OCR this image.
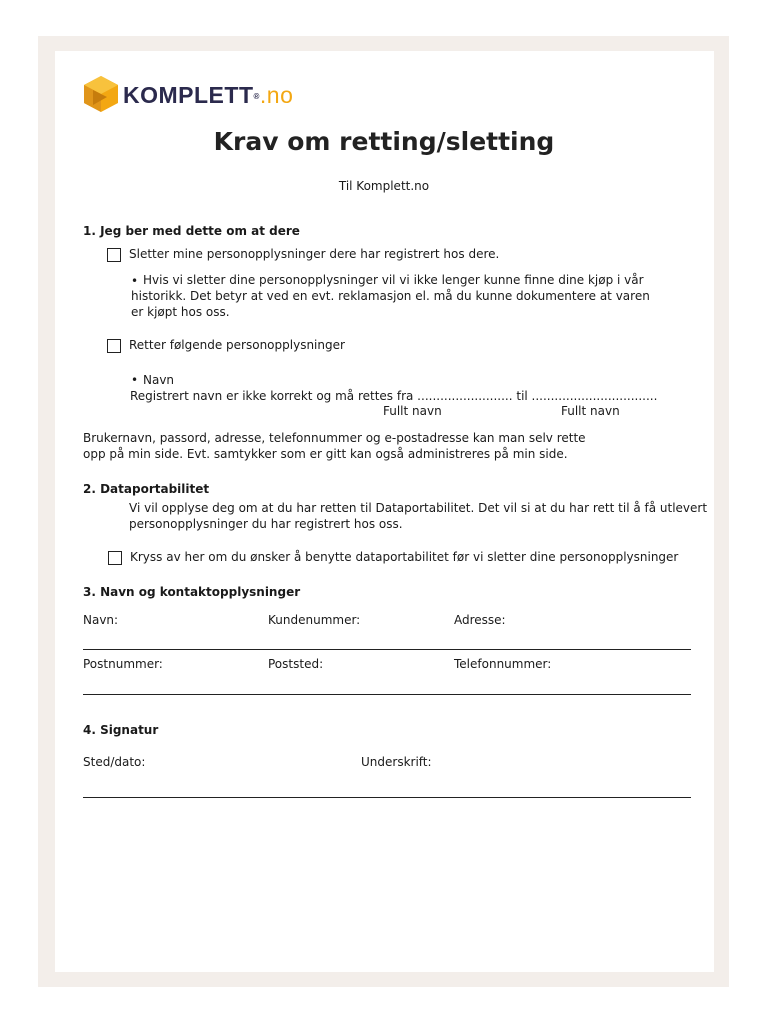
KOMPLETT®.no
Krav om retting/sletting
Til Komplett.no
1. Jeg ber med dette om at dere
Sletter mine personopplysninger dere har registrert hos dere.
• Hvis vi sletter dine personopplysninger vil vi ikke lenger kunne finne dine kjøp i vår
historikk. Det betyr at ved en evt. reklamasjon el. må du kunne dokumentere at varen
er kjøpt hos oss.
Retter følgende personopplysninger
• Navn
Registrert navn er ikke korrekt og må rettes fra ......................... til .................................
Fullt navn	Fullt navn
Brukernavn, passord, adresse, telefonnummer og e-postadresse kan man selv rette
opp på min side. Evt. samtykker som er gitt kan også administreres på min side.
2. Dataportabilitet
Vi vil opplyse deg om at du har retten til Dataportabilitet. Det vil si at du har rett til å få utlevert
personopplysninger du har registrert hos oss.
Kryss av her om du ønsker å benytte dataportabilitet før vi sletter dine personopplysninger
3. Navn og kontaktopplysninger
Navn:	Kundenummer:	Adresse:
Postnummer:	Poststed:	Telefonnummer:
4. Signatur
Sted/dato:	Underskrift:
